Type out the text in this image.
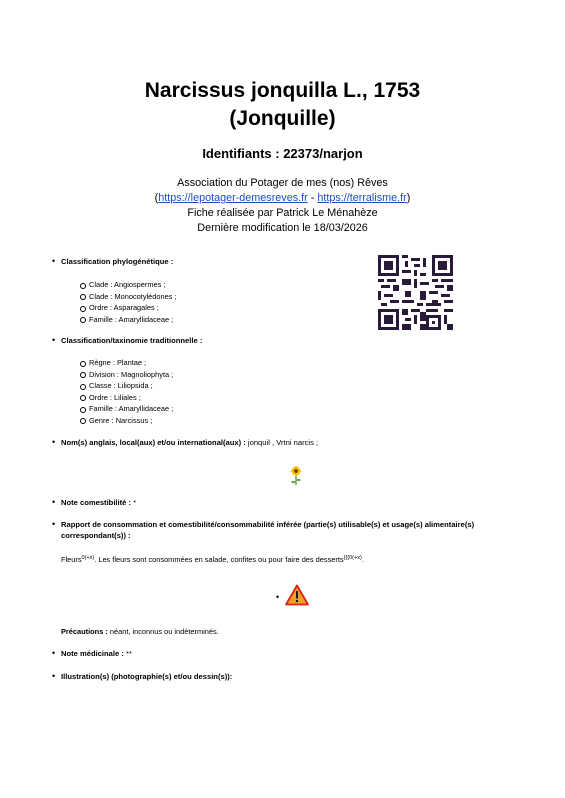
Narcissus jonquilla L., 1753
(Jonquille)
Identifiants : 22373/narjon
Association du Potager de mes (nos) Rêves
(https://lepotager-demesreves.fr - https://terralisme.fr)
Fiche réalisée par Patrick Le Ménahèze
Dernière modification le 18/03/2026
• Classification phylogénétique :
Clade : Angiospermes ;
Clade : Monocotylédones ;
Ordre : Asparagales ;
Famille : Amaryllidaceae ;
• Classification/taxinomie traditionnelle :
Règne : Plantae ;
Division : Magnoliophyta ;
Classe : Liliopsida ;
Ordre : Liliales ;
Famille : Amaryllidaceae ;
Genre : Narcissus ;
• Nom(s) anglais, local(aux) et/ou international(aux) : jonquil , Vrtni narcis ;
• Note comestibilité : *
• Rapport de consommation et comestibilité/consommabilité inférée (partie(s) utilisable(s) et usage(s) alimentaire(s) correspondant(s)) :
Fleurs$^{0(+x)}$. Les fleurs sont consommées en salade, confites ou pour faire des desserts$^{\{\{\{0(+x)}$.
•
Précautions : néant, inconnus ou indéterminés.
• Note médicinale : **
• Illustration(s) (photographie(s) et/ou dessin(s)):
